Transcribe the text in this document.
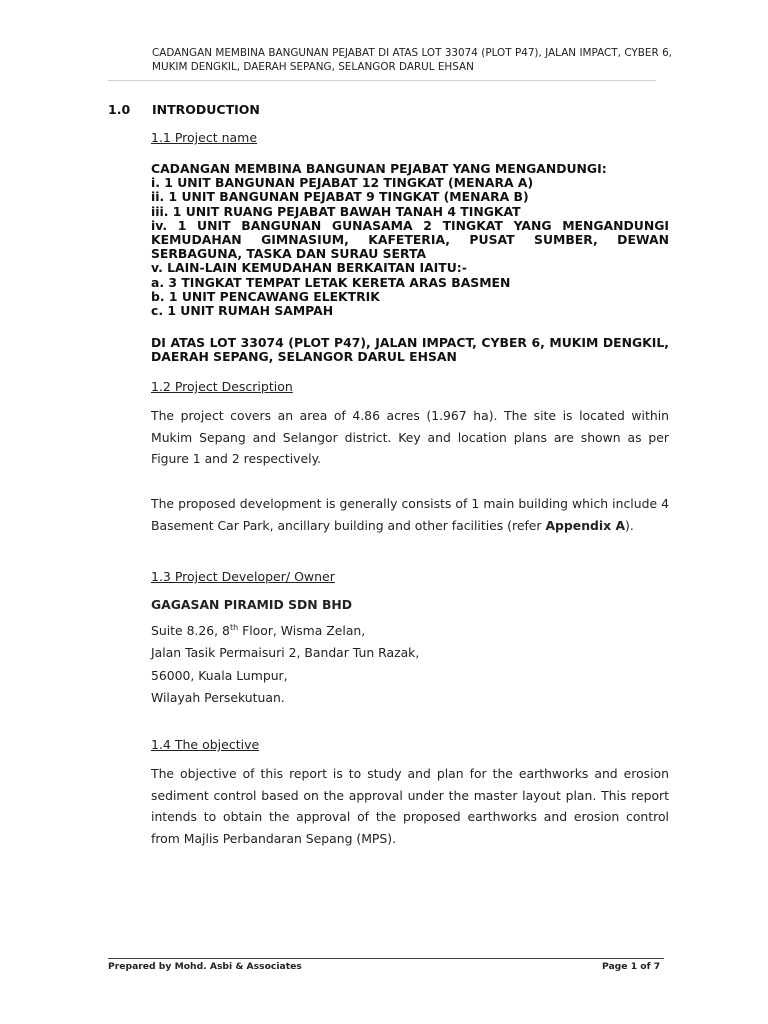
CADANGAN MEMBINA BANGUNAN PEJABAT DI ATAS LOT 33074 (PLOT P47), JALAN IMPACT, CYBER 6,
MUKIM DENGKIL, DAERAH SEPANG, SELANGOR DARUL EHSAN
1.0 INTRODUCTION
1.1 Project name
CADANGAN MEMBINA BANGUNAN PEJABAT YANG MENGANDUNGI:
i. 1 UNIT BANGUNAN PEJABAT 12 TINGKAT (MENARA A)
ii. 1 UNIT BANGUNAN PEJABAT 9 TINGKAT (MENARA B)
iii. 1 UNIT RUANG PEJABAT BAWAH TANAH 4 TINGKAT
iv. 1 UNIT BANGUNAN GUNASAMA 2 TINGKAT YANG MENGANDUNGI KEMUDAHAN GIMNASIUM, KAFETERIA, PUSAT SUMBER, DEWAN SERBAGUNA, TASKA DAN SURAU SERTA
v. LAIN-LAIN KEMUDAHAN BERKAITAN IAITU:-
a. 3 TINGKAT TEMPAT LETAK KERETA ARAS BASMEN
b. 1 UNIT PENCAWANG ELEKTRIK
c. 1 UNIT RUMAH SAMPAH
DI ATAS LOT 33074 (PLOT P47), JALAN IMPACT, CYBER 6, MUKIM DENGKIL, DAERAH SEPANG, SELANGOR DARUL EHSAN
1.2 Project Description
The project covers an area of 4.86 acres (1.967 ha). The site is located within Mukim Sepang and Selangor district. Key and location plans are shown as per Figure 1 and 2 respectively.
The proposed development is generally consists of 1 main building which include 4 Basement Car Park, ancillary building and other facilities (refer Appendix A).
1.3 Project Developer/ Owner
GAGASAN PIRAMID SDN BHD
Suite 8.26, 8th Floor, Wisma Zelan,
Jalan Tasik Permaisuri 2, Bandar Tun Razak,
56000, Kuala Lumpur,
Wilayah Persekutuan.
1.4 The objective
The objective of this report is to study and plan for the earthworks and erosion sediment control based on the approval under the master layout plan. This report intends to obtain the approval of the proposed earthworks and erosion control from Majlis Perbandaran Sepang (MPS).
Prepared by Mohd. Asbi & Associates	Page 1 of 7
